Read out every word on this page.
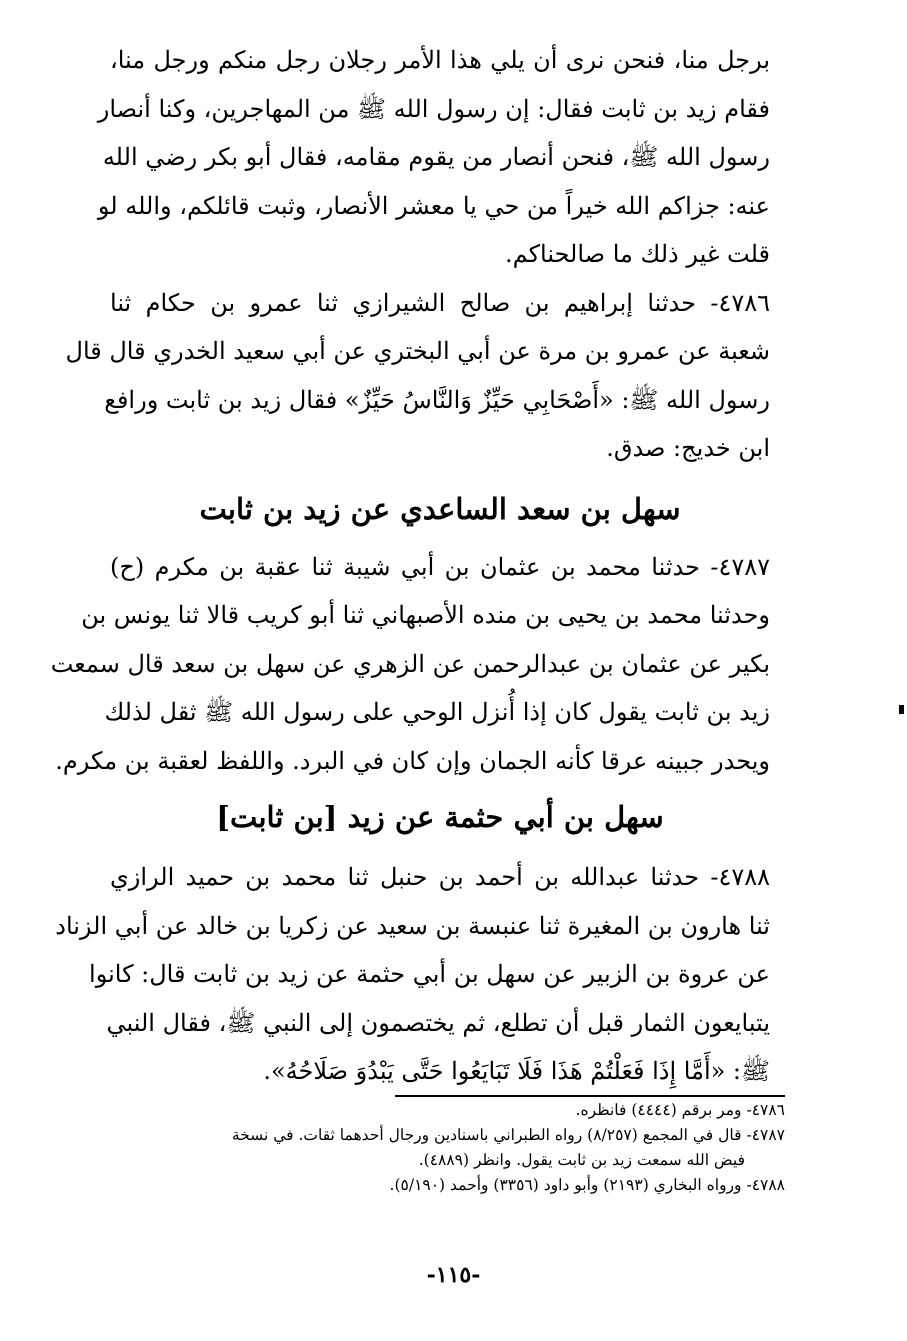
برجل منا، فنحن نرى أن يلي هذا الأمر رجلان رجل منكم ورجل منا،
فقام زيد بن ثابت فقال: إن رسول الله ﷺ من المهاجرين، وكنا أنصار
رسول الله ﷺ، فنحن أنصار من يقوم مقامه، فقال أبو بكر رضي الله
عنه: جزاكم الله خيراً من حي يا معشر الأنصار، وثبت قائلكم، والله لو
قلت غير ذلك ما صالحناكم.
٤٧٨٦- حدثنا إبراهيم بن صالح الشيرازي ثنا عمرو بن حكام ثنا
شعبة عن عمرو بن مرة عن أبي البختري عن أبي سعيد الخدري قال قال
رسول الله ﷺ: «أَصْحَابِي حَيِّزٌ وَالنَّاسُ حَيِّزٌ» فقال زيد بن ثابت ورافع
ابن خديج: صدق.
سهل بن سعد الساعدي عن زيد بن ثابت
٤٧٨٧- حدثنا محمد بن عثمان بن أبي شيبة ثنا عقبة بن مكرم (ح)
وحدثنا محمد بن يحيى بن منده الأصبهاني ثنا أبو كريب قالا ثنا يونس بن
بكير عن عثمان بن عبدالرحمن عن الزهري عن سهل بن سعد قال سمعت
زيد بن ثابت يقول كان إذا أُنزل الوحي على رسول الله ﷺ ثقل لذلك
ويحدر جبينه عرقا كأنه الجمان وإن كان في البرد. واللفظ لعقبة بن مكرم.
سهل بن أبي حثمة عن زيد [بن ثابت]
٤٧٨٨- حدثنا عبدالله بن أحمد بن حنبل ثنا محمد بن حميد الرازي
ثنا هارون بن المغيرة ثنا عنبسة بن سعيد عن زكريا بن خالد عن أبي الزناد
عن عروة بن الزبير عن سهل بن أبي حثمة عن زيد بن ثابت قال: كانوا
يتبايعون الثمار قبل أن تطلع، ثم يختصمون إلى النبي ﷺ، فقال النبي
ﷺ: «أَمَّا إِذَا فَعَلْتُمْ هَذَا فَلَا تَبَايَعُوا حَتَّى يَبْدُوَ صَلَاحُهُ».
٤٧٨٦- ومر برقم (٤٤٤٤) فانظره.
٤٧٨٧- قال في المجمع (٨/٢٥٧) رواه الطبراني باسنادين ورجال أحدهما ثقات. في نسخة
فيض الله سمعت زيد بن ثابت يقول. وانظر (٤٨٨٩).
٤٧٨٨- ورواه البخاري (٢١٩٣) وأبو داود (٣٣٥٦) وأحمد (٥/١٩٠).
-١١٥-
